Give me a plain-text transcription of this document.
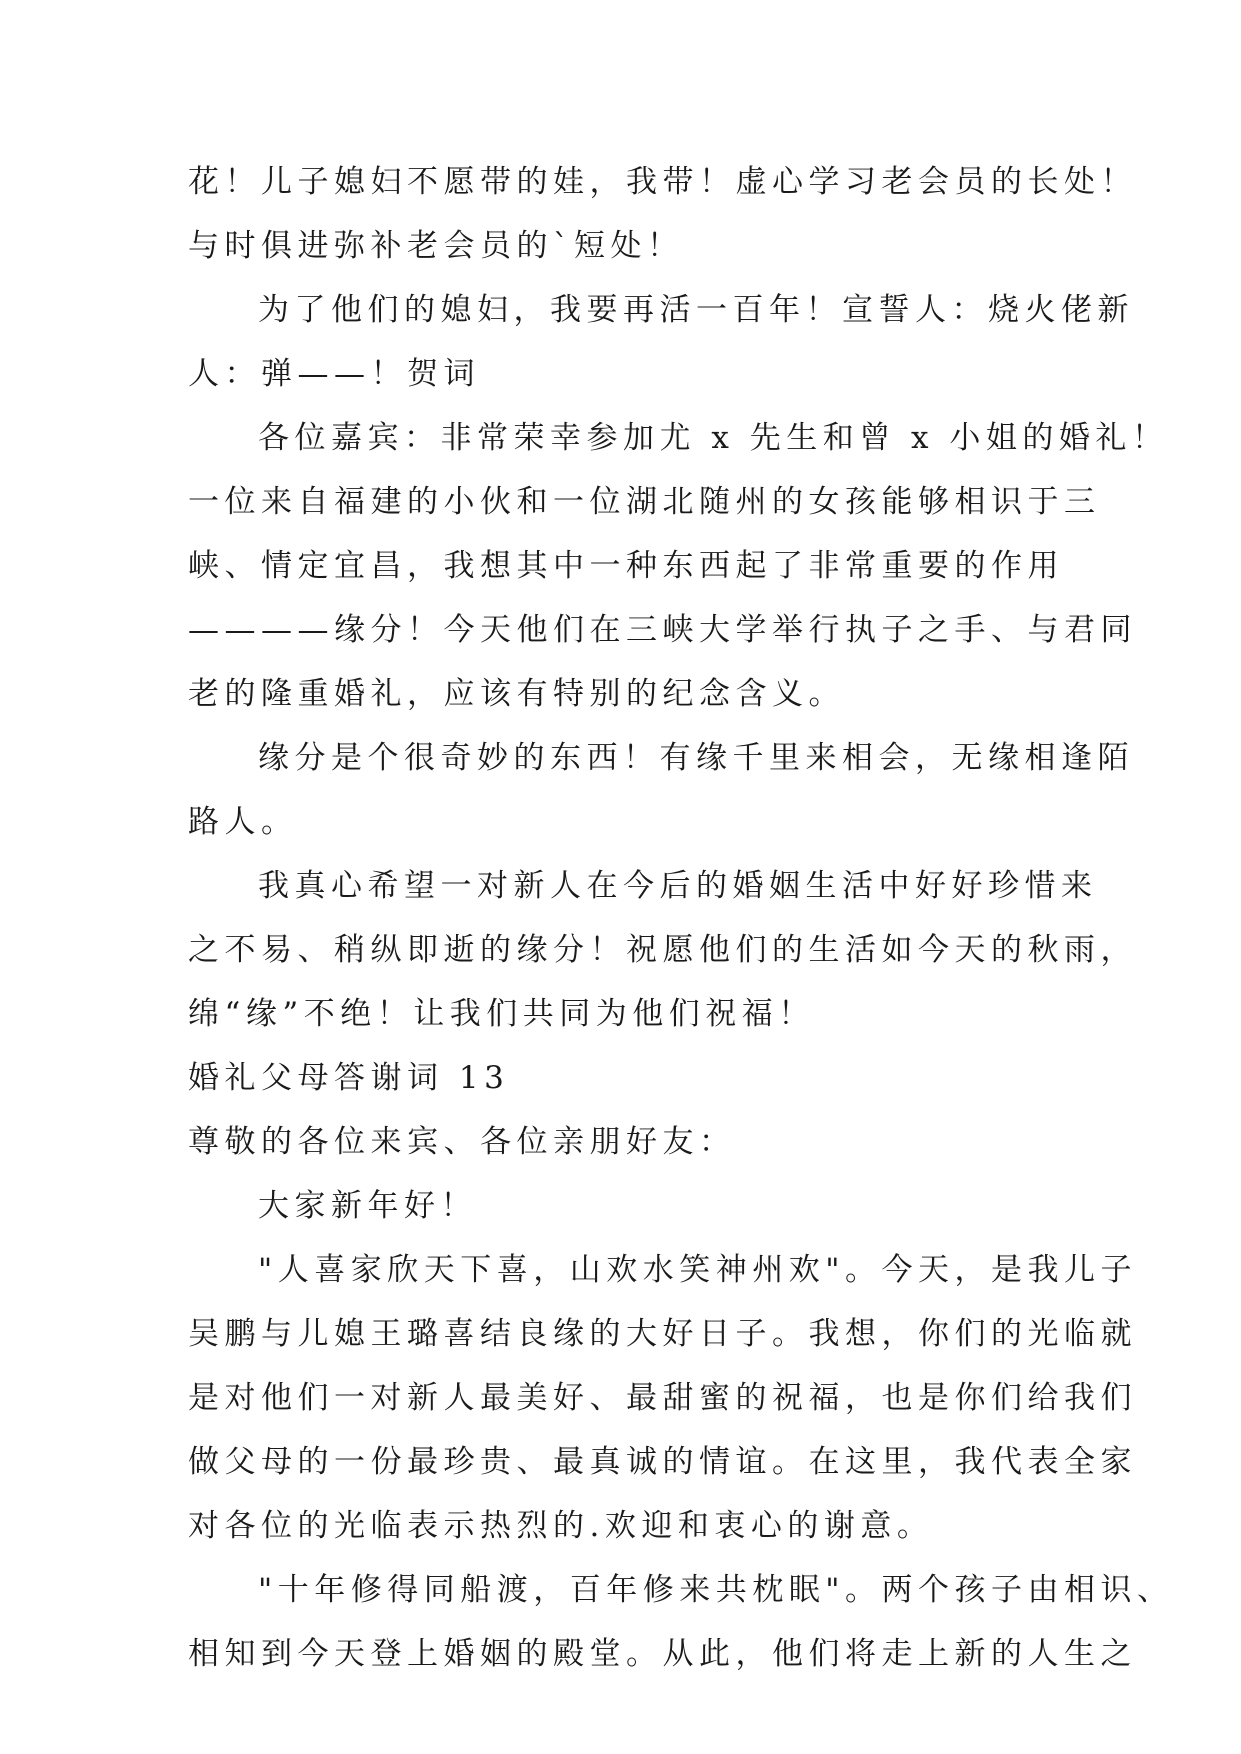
花！儿子媳妇不愿带的娃，我带！虚心学习老会员的长处！
与时俱进弥补老会员的`短处！
为了他们的媳妇，我要再活一百年！宣誓人：烧火佬新
人：弹——！贺词
各位嘉宾：非常荣幸参加尤 x 先生和曾 x 小姐的婚礼！
一位来自福建的小伙和一位湖北随州的女孩能够相识于三
峡、情定宜昌，我想其中一种东西起了非常重要的作用
————缘分！今天他们在三峡大学举行执子之手、与君同
老的隆重婚礼，应该有特别的纪念含义。
缘分是个很奇妙的东西！有缘千里来相会，无缘相逢陌
路人。
我真心希望一对新人在今后的婚姻生活中好好珍惜来
之不易、稍纵即逝的缘分！祝愿他们的生活如今天的秋雨，
绵“缘”不绝！让我们共同为他们祝福！
婚礼父母答谢词 13
尊敬的各位来宾、各位亲朋好友：
大家新年好！
"人喜家欣天下喜，山欢水笑神州欢"。今天，是我儿子
吴鹏与儿媳王璐喜结良缘的大好日子。我想，你们的光临就
是对他们一对新人最美好、最甜蜜的祝福，也是你们给我们
做父母的一份最珍贵、最真诚的情谊。在这里，我代表全家
对各位的光临表示热烈的.欢迎和衷心的谢意。
"十年修得同船渡，百年修来共枕眠"。两个孩子由相识、
相知到今天登上婚姻的殿堂。从此，他们将走上新的人生之
